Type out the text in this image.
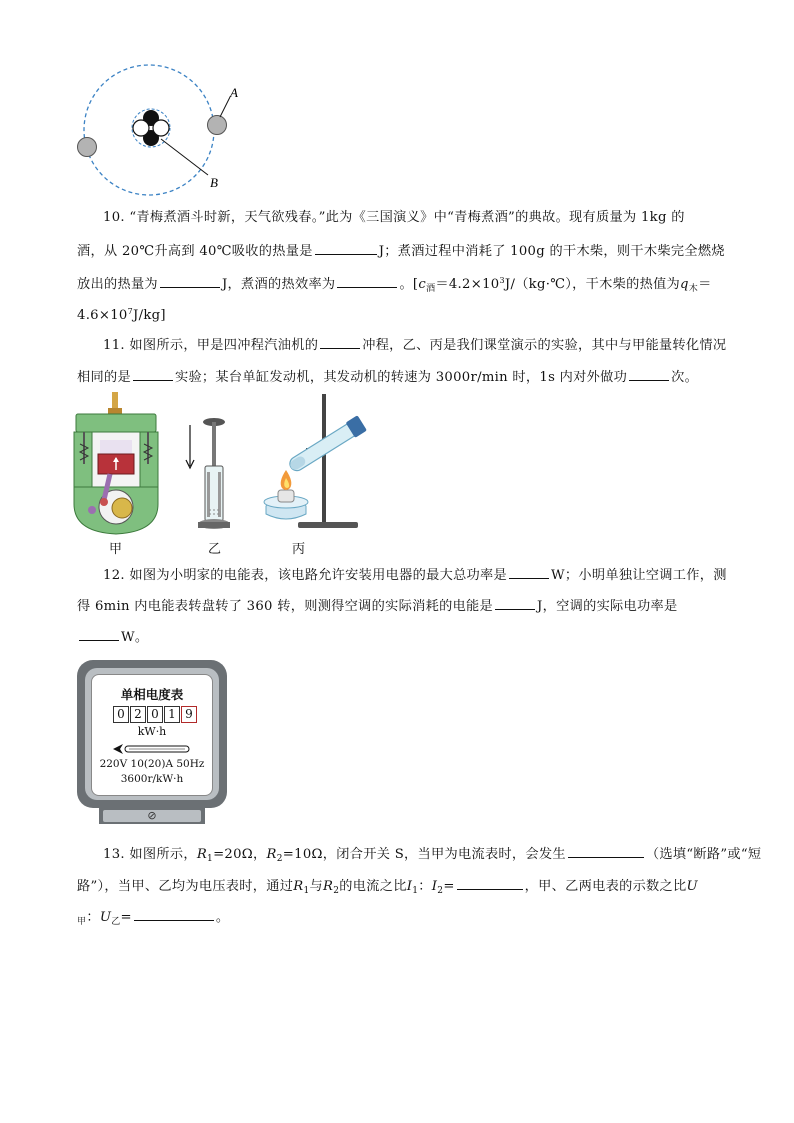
A
B
10. “青梅煮酒斗时新，天气欲残春。”此为《三国演义》中“青梅煮酒”的典故。现有质量为 1kg 的
酒，从 20℃升高到 40℃吸收的热量是	J；煮酒过程中消耗了 100g 的干木柴，则干木柴完全燃烧
放出的热量为	J，煮酒的热效率为	。[$c_酒=4.2\times 10^3J/(kg\cdot℃)$，干木柴的热值为$q_木=$
$4.6\times 10^7J/kg$]
11. 如图所示，甲是四冲程汽油机的	冲程，乙、丙是我们课堂演示的实验，其中与甲能量转化情况
相同的是	实验；某台单缸发动机，其发动机的转速为 3000r/min 时，1s 内对外做功	次。
甲	乙	丙
12. 如图为小明家的电能表，该电路允许安装用电器的最大总功率是	W；小明单独让空调工作，测
得 6min 内电能表转盘转了 360 转，则测得空调的实际消耗的电能是	J，空调的实际电功率是
W。
单相电度表
0 2 0 1 9
kW·h
220V 10(20)A 50Hz
3600r/kW·h
⊘
13. 如图所示，$R_1=20\Omega$，$R_2=10\Omega$，闭合开关 S，当甲为电流表时，会发生	（选填“断路”或“短
路”），当甲、乙均为电压表时，通过$R_1$与$R_2$的电流之比$I_1$：$I_2=$	，甲、乙两电表的示数之比U
$_甲$：$U_乙=$	。
